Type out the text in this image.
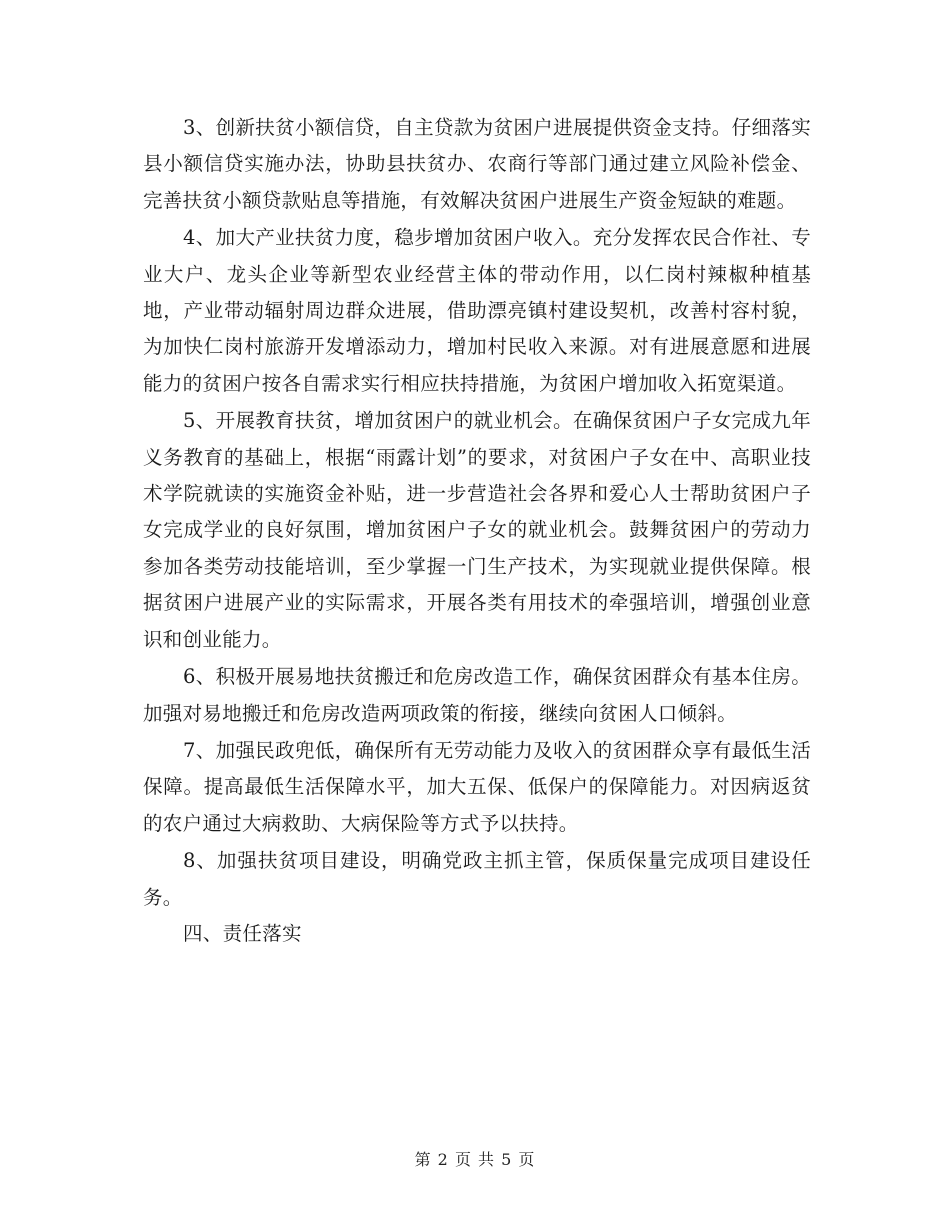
3、创新扶贫小额信贷，自主贷款为贫困户进展提供资金支持。仔细落实县小额信贷实施办法，协助县扶贫办、农商行等部门通过建立风险补偿金、完善扶贫小额贷款贴息等措施，有效解决贫困户进展生产资金短缺的难题。

4、加大产业扶贫力度，稳步增加贫困户收入。充分发挥农民合作社、专业大户、龙头企业等新型农业经营主体的带动作用，以仁岗村辣椒种植基地，产业带动辐射周边群众进展，借助漂亮镇村建设契机，改善村容村貌，为加快仁岗村旅游开发增添动力，增加村民收入来源。对有进展意愿和进展能力的贫困户按各自需求实行相应扶持措施，为贫困户增加收入拓宽渠道。

5、开展教育扶贫，增加贫困户的就业机会。在确保贫困户子女完成九年义务教育的基础上，根据“雨露计划”的要求，对贫困户子女在中、高职业技术学院就读的实施资金补贴，进一步营造社会各界和爱心人士帮助贫困户子女完成学业的良好氛围，增加贫困户子女的就业机会。鼓舞贫困户的劳动力参加各类劳动技能培训，至少掌握一门生产技术，为实现就业提供保障。根据贫困户进展产业的实际需求，开展各类有用技术的牵强培训，增强创业意识和创业能力。

6、积极开展易地扶贫搬迁和危房改造工作，确保贫困群众有基本住房。加强对易地搬迁和危房改造两项政策的衔接，继续向贫困人口倾斜。

7、加强民政兜低，确保所有无劳动能力及收入的贫困群众享有最低生活保障。提高最低生活保障水平，加大五保、低保户的保障能力。对因病返贫的农户通过大病救助、大病保险等方式予以扶持。

8、加强扶贫项目建设，明确党政主抓主管，保质保量完成项目建设任务。

四、责任落实

第 2 页 共 5 页
